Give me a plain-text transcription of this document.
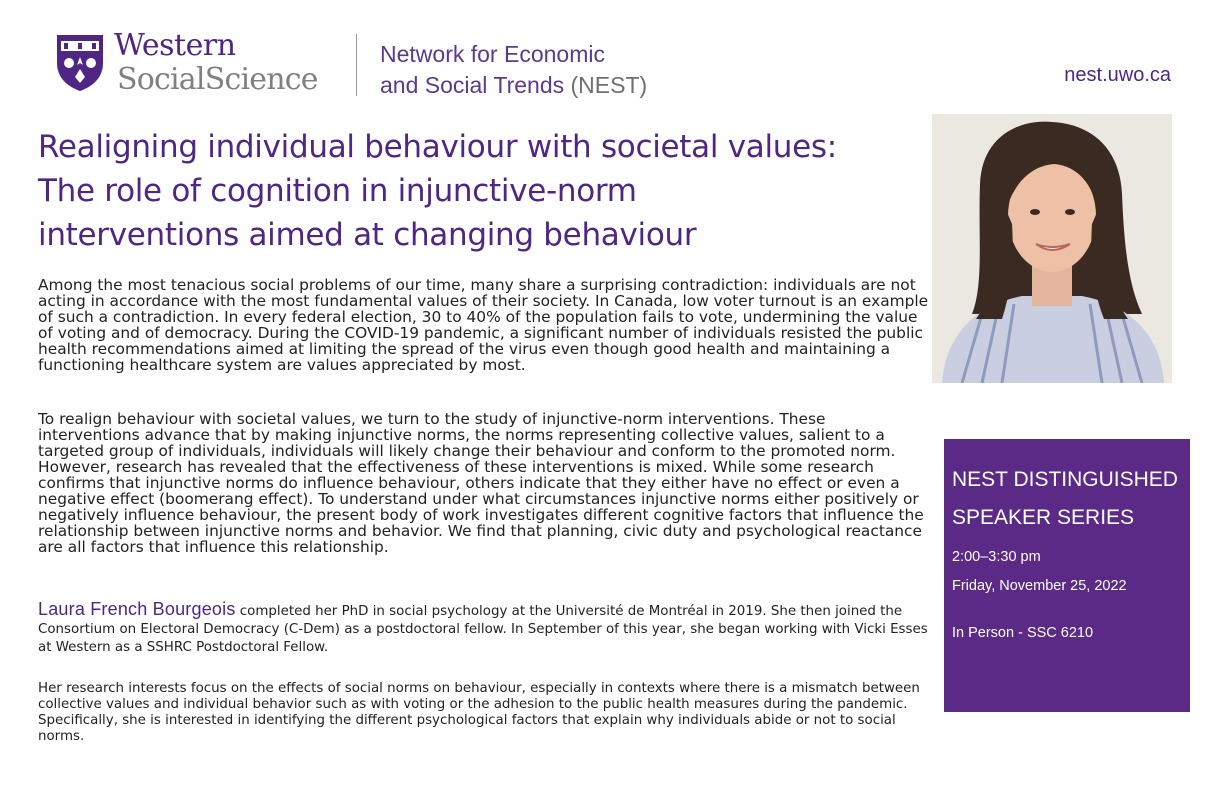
Western
SocialScience
Network for Economic
and Social Trends (NEST)	nest.uwo.ca
Realigning individual behaviour with societal values:
The role of cognition in injunctive-norm
interventions aimed at changing behaviour
Among the most tenacious social problems of our time, many share a surprising contradiction: individuals are not acting in accordance with the most fundamental values of their society. In Canada, low voter turnout is an example of such a contradiction. In every federal election, 30 to 40% of the population fails to vote, undermining the value of voting and of democracy. During the COVID-19 pandemic, a significant number of individuals resisted the public health recommendations aimed at limiting the spread of the virus even though good health and maintaining a functioning healthcare system are values appreciated by most.
To realign behaviour with societal values, we turn to the study of injunctive-norm interventions. These interventions advance that by making injunctive norms, the norms representing collective values, salient to a targeted group of individuals, individuals will likely change their behaviour and conform to the promoted norm. However, research has revealed that the effectiveness of these interventions is mixed. While some research confirms that injunctive norms do influence behaviour, others indicate that they either have no effect or even a negative effect (boomerang effect). To understand under what circumstances injunctive norms either positively or negatively influence behaviour, the present body of work investigates different cognitive factors that influence the relationship between injunctive norms and behavior. We find that planning, civic duty and psychological reactance are all factors that influence this relationship.
Laura French Bourgeois completed her PhD in social psychology at the Université de Montréal in 2019. She then joined the Consortium on Electoral Democracy (C-Dem) as a postdoctoral fellow. In September of this year, she began working with Vicki Esses at Western as a SSHRC Postdoctoral Fellow.
Her research interests focus on the effects of social norms on behaviour, especially in contexts where there is a mismatch between collective values and individual behavior such as with voting or the adhesion to the public health measures during the pandemic. Specifically, she is interested in identifying the different psychological factors that explain why individuals abide or not to social norms.
NEST DISTINGUISHED
SPEAKER SERIES
2:00–3:30 pm
Friday, November 25, 2022
In Person - SSC 6210
